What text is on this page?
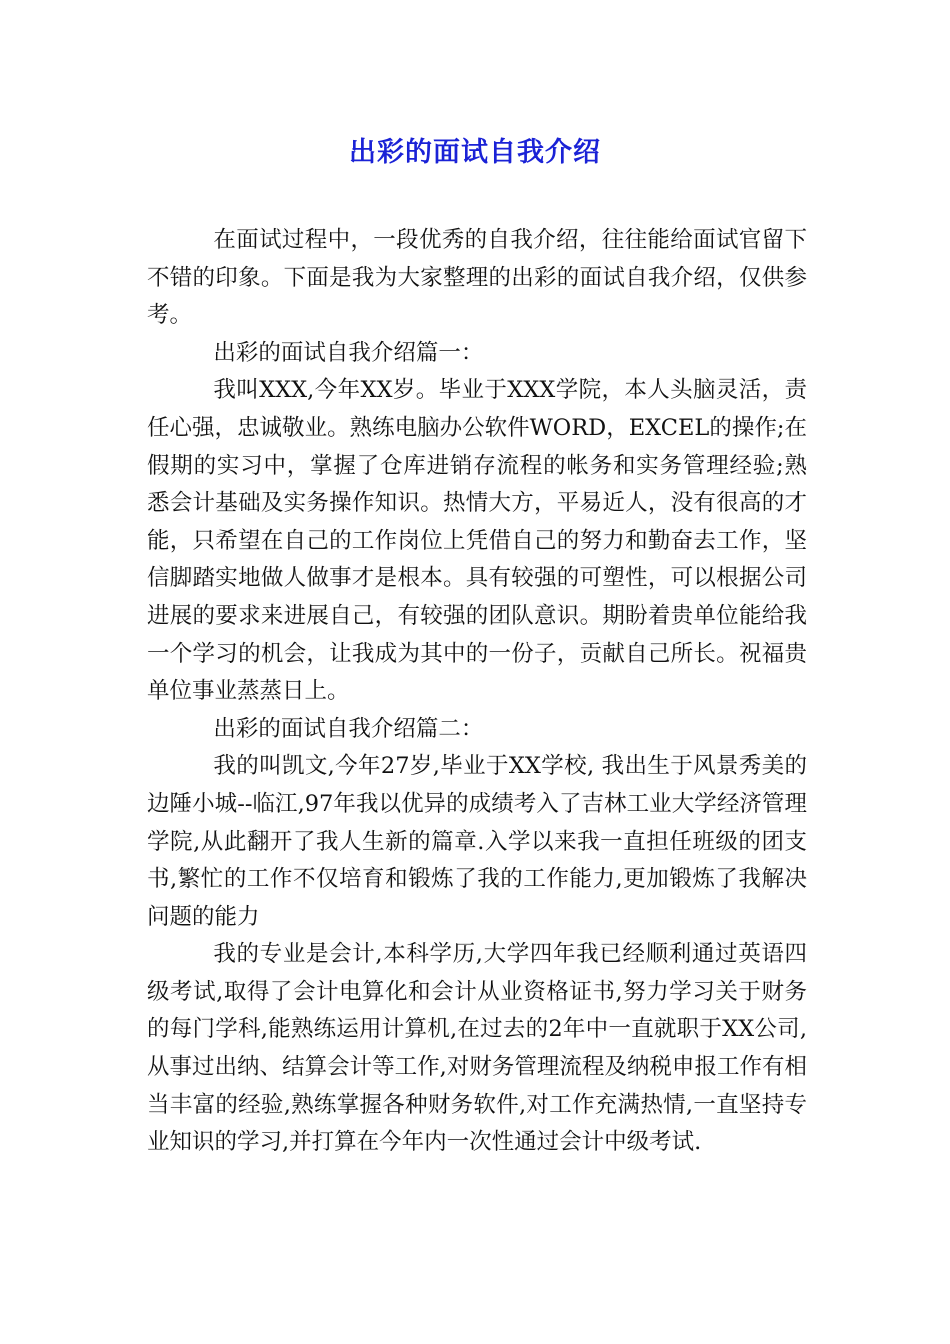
出彩的面试自我介绍

在面试过程中，一段优秀的自我介绍，往往能给面试官留下不错的印象。下面是我为大家整理的出彩的面试自我介绍，仅供参考。

出彩的面试自我介绍篇一：

我叫XXX,今年XX岁。毕业于XXX学院，本人头脑灵活，责任心强，忠诚敬业。熟练电脑办公软件WORD，EXCEL的操作;在假期的实习中，掌握了仓库进销存流程的帐务和实务管理经验;熟悉会计基础及实务操作知识。热情大方，平易近人，没有很高的才能，只希望在自己的工作岗位上凭借自己的努力和勤奋去工作，坚信脚踏实地做人做事才是根本。具有较强的可塑性，可以根据公司进展的要求来进展自己，有较强的团队意识。期盼着贵单位能给我一个学习的机会，让我成为其中的一份子，贡献自己所长。祝福贵单位事业蒸蒸日上。

出彩的面试自我介绍篇二：

我的叫凯文,今年27岁,毕业于XX学校, 我出生于风景秀美的边陲小城--临江,97年我以优异的成绩考入了吉林工业大学经济管理学院,从此翻开了我人生新的篇章.入学以来我一直担任班级的团支书,繁忙的工作不仅培育和锻炼了我的工作能力,更加锻炼了我解决问题的能力

我的专业是会计,本科学历,大学四年我已经顺利通过英语四级考试,取得了会计电算化和会计从业资格证书,努力学习关于财务的每门学科,能熟练运用计算机,在过去的2年中一直就职于XX公司,从事过出纳、结算会计等工作,对财务管理流程及纳税申报工作有相当丰富的经验,熟练掌握各种财务软件,对工作充满热情,一直坚持专业知识的学习,并打算在今年内一次性通过会计中级考试.
